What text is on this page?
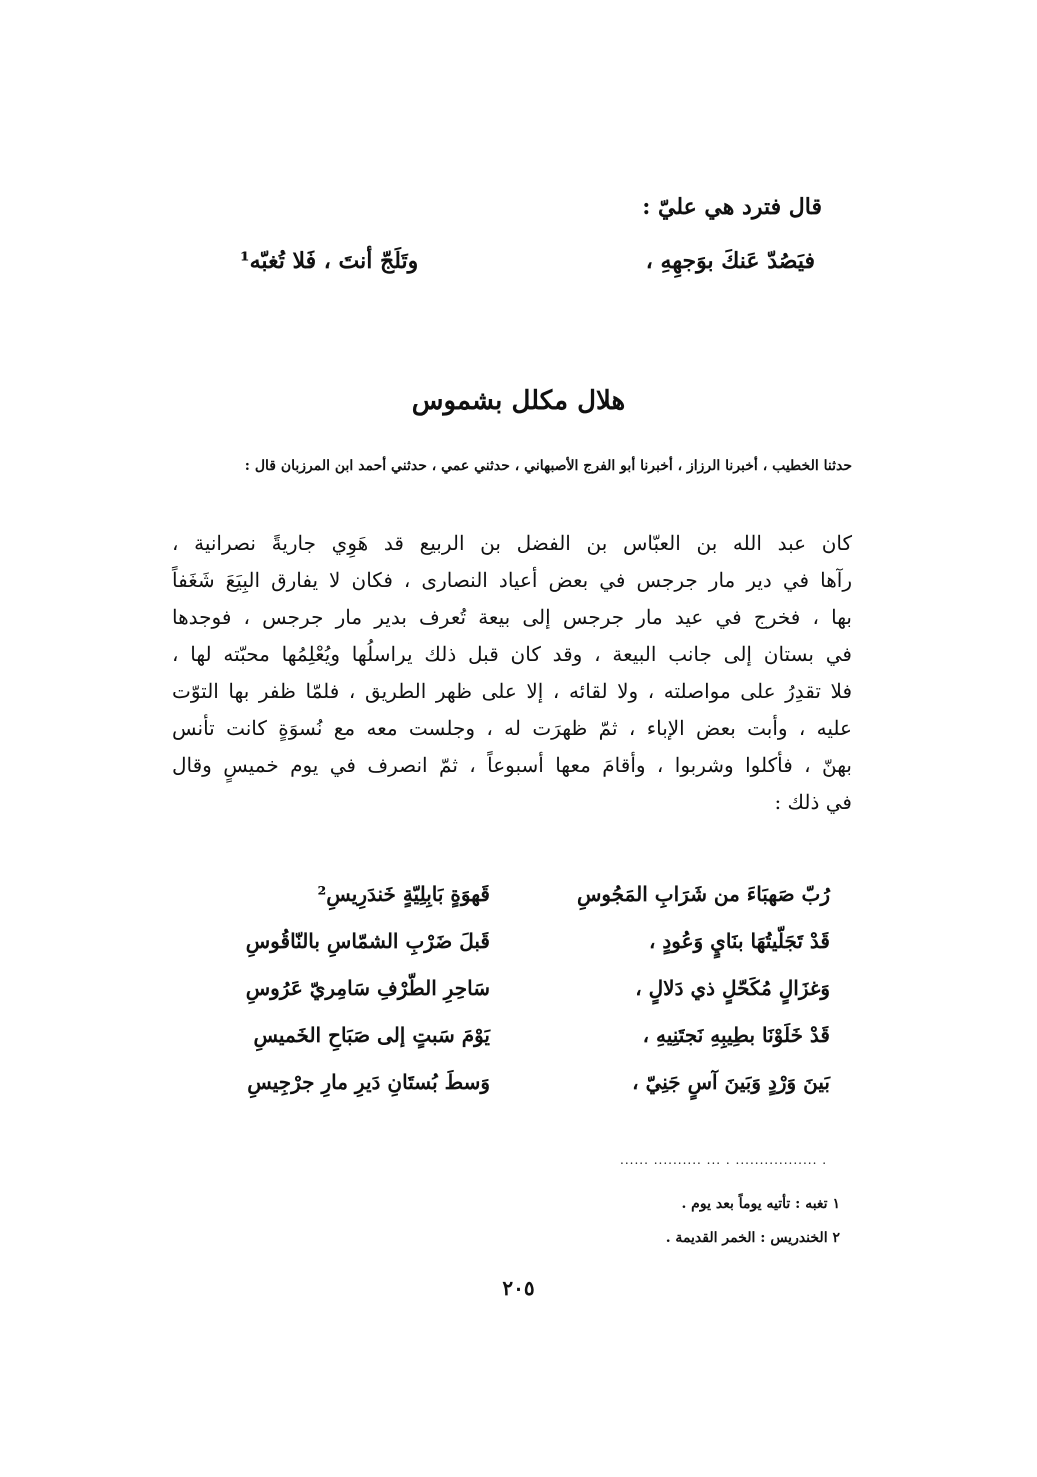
قال فترد هي عليّ :
فيَصُدّ عَنكَ بوَجهِهِ ،
وتَلَجّ أنتَ ، فَلا تُغبّه¹
هلال مكلل بشموس
حدثنا الخطيب ، أخبرنا الرزاز ، أخبرنا أبو الفرج الأصبهاني ، حدثني عمي ، حدثني أحمد ابن المرزبان قال :
كان عبد الله بن العبّاس بن الفضل بن الربيع قد هَوِي جاريةً نصرانية ،
رآها في دير مار جرجس في بعض أعياد النصارى ، فكان لا يفارق البِيَعَ شَغَفاً
بها ، فخرج في عيد مار جرجس إلى بيعة تُعرف بدير مار جرجس ، فوجدها
في بستان إلى جانب البيعة ، وقد كان قبل ذلك يراسلُها ويُعْلِمُها محبّته لها ،
فلا تقدِرُ على مواصلته ، ولا لقائه ، إلا على ظهر الطريق ، فلمّا ظفر بها التوّت
عليه ، وأبت بعض الإباء ، ثمّ ظهرَت له ، وجلست معه مع نُسوَةٍ كانت تأنس
بهنّ ، فأكلوا وشربوا ، وأقامَ معها أسبوعاً ، ثمّ انصرف في يوم خميسٍ وقال
في ذلك :
رُبّ صَهبَاءَ من شَرَابِ المَجُوسِ
قَهوَةٍ بَابِلِيّةٍ خَندَرِيسِ²
قَدْ تَجَلّيتُهَا بنَايٍ وَعُودٍ ،
قَبلَ ضَرْبِ الشمّاسِ بالنّاقُوسِ
وَغزَالٍ مُكَحّلٍ ذي دَلالٍ ،
سَاحِرِ الطّرْفِ سَامِريّ عَرُوسِ
قَدْ خَلَوْنَا بطِيبِهِ نَجتَنِيهِ ،
يَوْمَ سَبتٍ إلى صَبَاحِ الخَميسِ
بَينَ وَرْدٍ وَبَينَ آسٍ جَنِيّ ،
وَسطَ بُستَانِ دَيرِ مارِ جرْجِيسِ
...... .......... ... . ................. .
١ تغبه : تأتيه يوماً بعد يوم .
٢ الخندريس : الخمر القديمة .
٢٠٥
